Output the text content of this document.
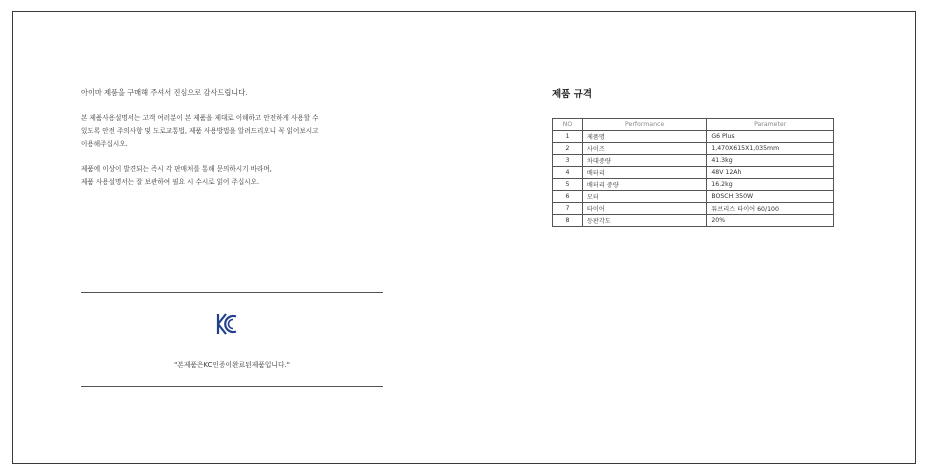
아이마 제품을 구매해 주셔서 진심으로 감사드립니다.

본 제품사용설명서는 고객 여러분이 본 제품을 제대로 이해하고 안전하게 사용할 수
있도록 안전 주의사항 및 도로교통법, 제품 사용방법을 알려드리오니 꼭 읽어보시고
이용해주십시오.

제품에 이상이 발견되는 즉시 각 판매처를 통해 문의하시기 바라며,
제품 사용설명서는 잘 보관하여 필요 시 수시로 읽어 주십시오.

"본제품은KC인증이완료된제품입니다."
제품 규격
NO	Performance	Parameter
1	제품명	G6 Plus
2	사이즈	1,470X615X1,035mm
3	차대중량	41.3kg
4	배터리	48V 12Ah
5	배터리 중량	16.2kg
6	모터	BOSCH 350W
7	타이어	튜브리스 타이어 60/100
8	등판각도	20%
